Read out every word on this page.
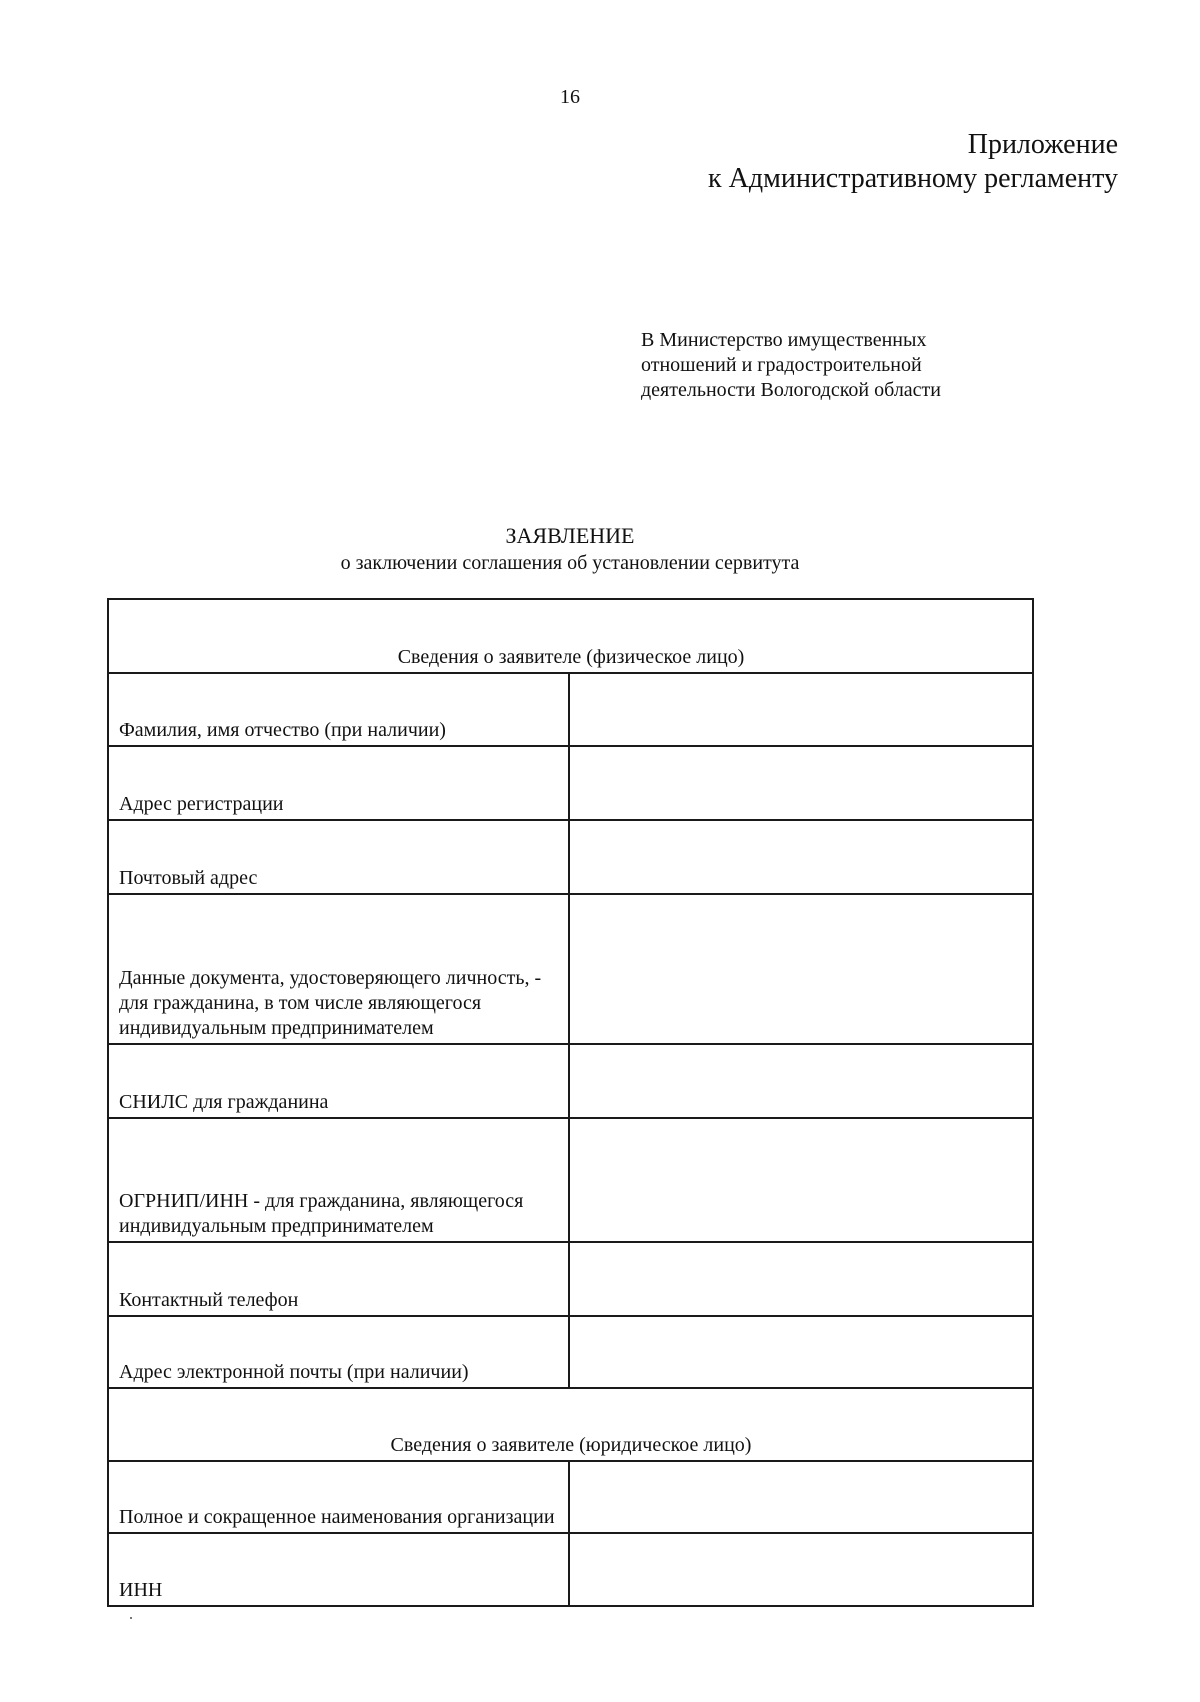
16
Приложение
к Административному регламенту
В Министерство имущественных
отношений и градостроительной
деятельности Вологодской области
ЗАЯВЛЕНИЕ
о заключении соглашения об установлении сервитута
Сведения о заявителе (физическое лицо)	
Фамилия, имя отчество (при наличии)	
Адрес регистрации	
Почтовый адрес	
Данные документа, удостоверяющего личность, - для гражданина, в том числе являющегося индивидуальным предпринимателем	
СНИЛС для гражданина	
ОГРНИП/ИНН - для гражданина, являющегося индивидуальным предпринимателем	
Контактный телефон	
Адрес электронной почты (при наличии)	
Сведения о заявителе (юридическое лицо)	
Полное и сокращенное наименования организации	
ИНН	
